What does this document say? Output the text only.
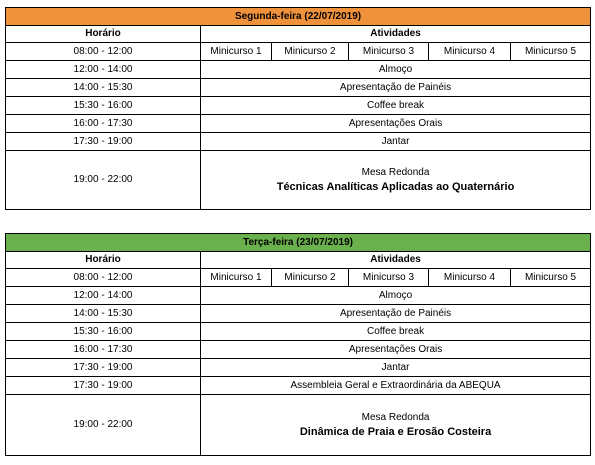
Segunda-feira (22/07/2019)					
Horário	Atividades				
08:00 - 12:00	Minicurso 1	Minicurso 2	Minicurso 3	Minicurso 4	Minicurso 5
12:00 - 14:00	Almoço				
14:00 - 15:30	Apresentação de Painéis				
15:30 - 16:00	Coffee break				
16:00 - 17:30	Apresentações Orais				
17:30 - 19:00	Jantar				
19:00 - 22:00	Mesa Redonda
Técnicas Analíticas Aplicadas ao Quaternário				
Terça-feira (23/07/2019)					
Horário	Atividades				
08:00 - 12:00	Minicurso 1	Minicurso 2	Minicurso 3	Minicurso 4	Minicurso 5
12:00 - 14:00	Almoço				
14:00 - 15:30	Apresentação de Painéis				
15:30 - 16:00	Coffee break				
16:00 - 17:30	Apresentações Orais				
17:30 - 19:00	Jantar				
17:30 - 19:00	Assembleia Geral e Extraordinária da ABEQUA				
19:00 - 22:00	Mesa Redonda
Dinâmica de Praia e Erosão Costeira				
